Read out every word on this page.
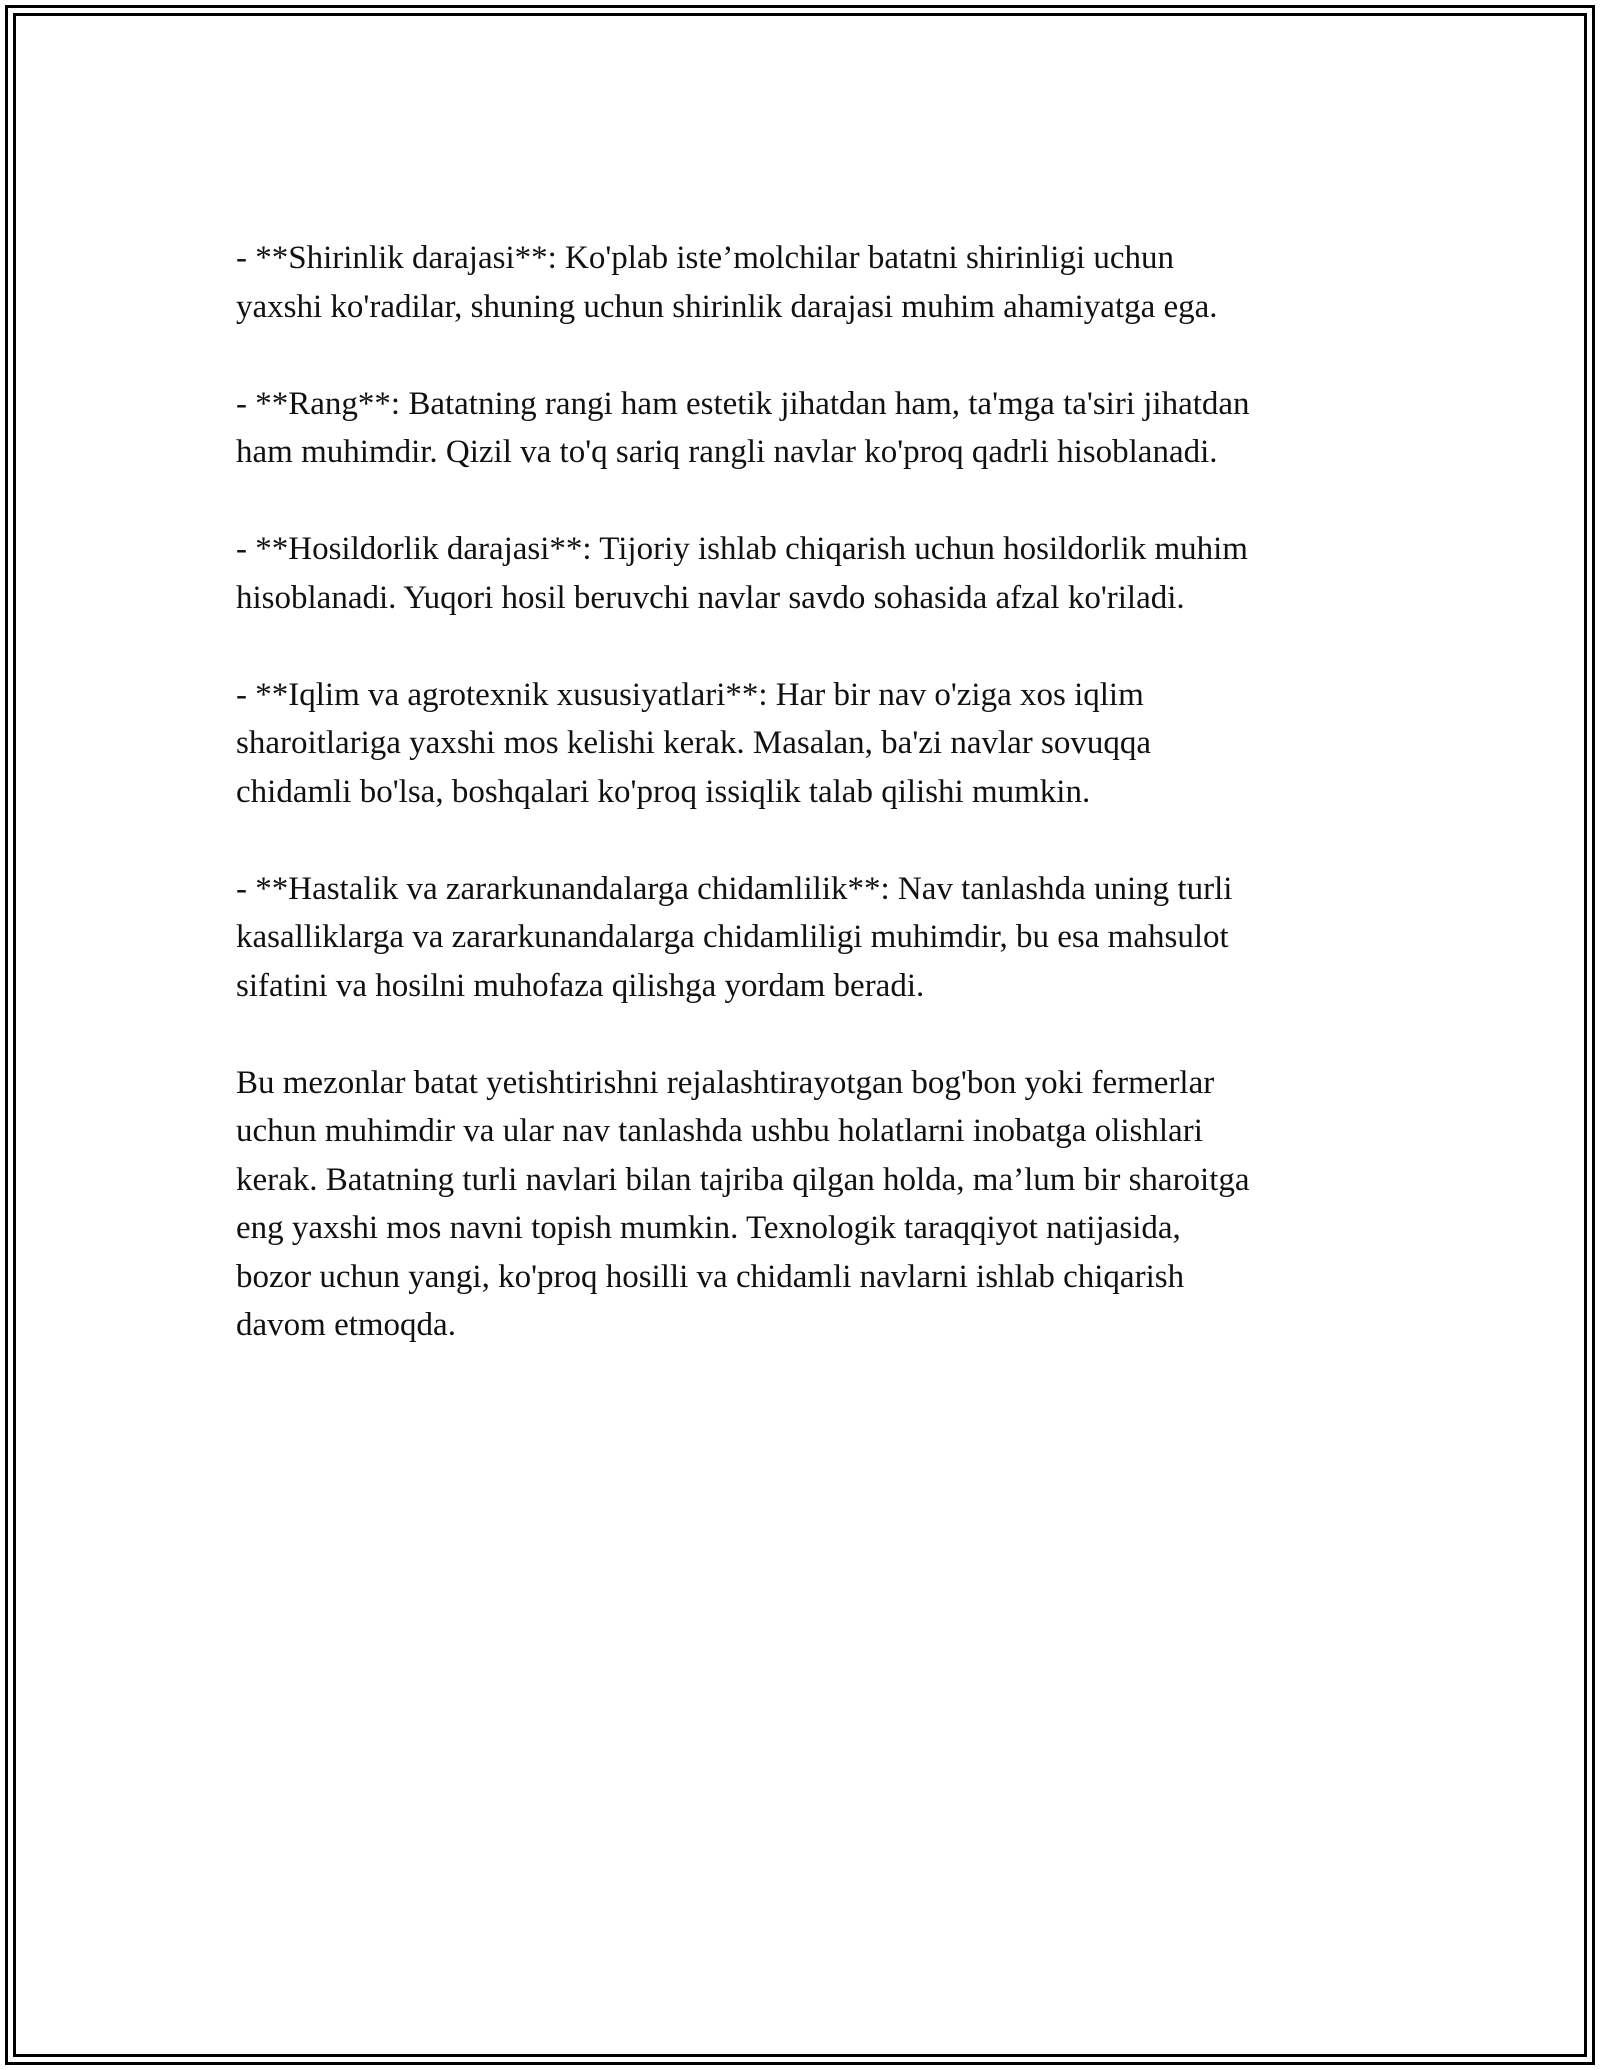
- **Shirinlik darajasi**: Ko'plab iste’molchilar batatni shirinligi uchun
yaxshi ko'radilar, shuning uchun shirinlik darajasi muhim ahamiyatga ega.

- **Rang**: Batatning rangi ham estetik jihatdan ham, ta'mga ta'siri jihatdan
ham muhimdir. Qizil va to'q sariq rangli navlar ko'proq qadrli hisoblanadi.

- **Hosildorlik darajasi**: Tijoriy ishlab chiqarish uchun hosildorlik muhim
hisoblanadi. Yuqori hosil beruvchi navlar savdo sohasida afzal ko'riladi.

- **Iqlim va agrotexnik xususiyatlari**: Har bir nav o'ziga xos iqlim
sharoitlariga yaxshi mos kelishi kerak. Masalan, ba'zi navlar sovuqqa
chidamli bo'lsa, boshqalari ko'proq issiqlik talab qilishi mumkin.

- **Hastalik va zararkunandalarga chidamlilik**: Nav tanlashda uning turli
kasalliklarga va zararkunandalarga chidamliligi muhimdir, bu esa mahsulot
sifatini va hosilni muhofaza qilishga yordam beradi.

Bu mezonlar batat yetishtirishni rejalashtirayotgan bog'bon yoki fermerlar
uchun muhimdir va ular nav tanlashda ushbu holatlarni inobatga olishlari
kerak. Batatning turli navlari bilan tajriba qilgan holda, ma’lum bir sharoitga
eng yaxshi mos navni topish mumkin. Texnologik taraqqiyot natijasida,
bozor uchun yangi, ko'proq hosilli va chidamli navlarni ishlab chiqarish
davom etmoqda.
